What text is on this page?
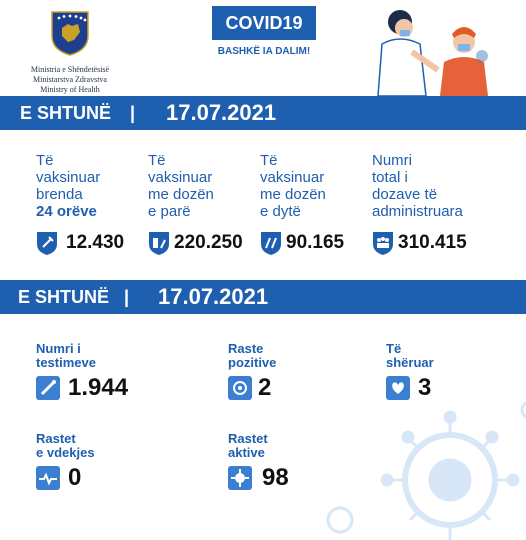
Ministria e Shëndetësisë
Ministarstva Zdravstva
Ministry of Health
COVID19
BASHKË IA DALIM!
E SHTUNË | 17.07.2021
Të
vaksinuar
brenda
24 orëve
12.430
Të
vaksinuar
me dozën
e parë
220.250
Të
vaksinuar
me dozën
e dytë
90.165
Numri
total i
dozave të
administruara
310.415
E SHTUNË | 17.07.2021
Numri i
testimeve
1.944
Raste
pozitive
2
Të
shëruar
3
Rastet
e vdekjes
0
Rastet
aktive
98
